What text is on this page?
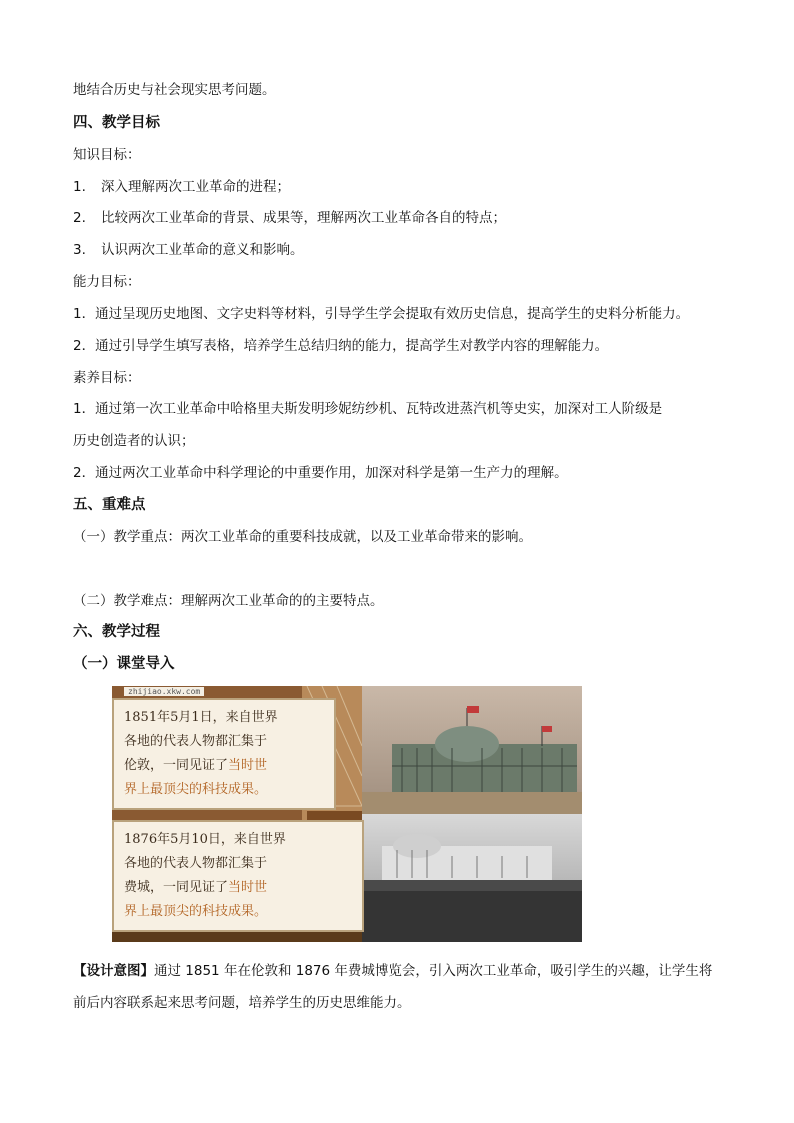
地结合历史与社会现实思考问题。
四、教学目标
知识目标：
1. 深入理解两次工业革命的进程；
2. 比较两次工业革命的背景、成果等，理解两次工业革命各自的特点；
3. 认识两次工业革命的意义和影响。
能力目标：
1．通过呈现历史地图、文字史料等材料，引导学生学会提取有效历史信息，提高学生的史料分析能力。
2．通过引导学生填写表格，培养学生总结归纳的能力，提高学生对教学内容的理解能力。
素养目标：
1．通过第一次工业革命中哈格里夫斯发明珍妮纺纱机、瓦特改进蒸汽机等史实，加深对工人阶级是
历史创造者的认识；
2．通过两次工业革命中科学理论的中重要作用，加深对科学是第一生产力的理解。
五、重难点
（一）教学重点：两次工业革命的重要科技成就，以及工业革命带来的影响。
（二）教学难点：理解两次工业革命的的主要特点。
六、教学过程
（一）课堂导入
zhijiao.xkw.com
1851年5月1日，来自世界
各地的代表人物都汇集于
伦敦，一同见证了当时世
界上最顶尖的科技成果。
1876年5月10日，来自世界
各地的代表人物都汇集于
费城，一同见证了当时世
界上最顶尖的科技成果。
【设计意图】通过 1851 年在伦敦和 1876 年费城博览会，引入两次工业革命，吸引学生的兴趣，让学生将
前后内容联系起来思考问题，培养学生的历史思维能力。
